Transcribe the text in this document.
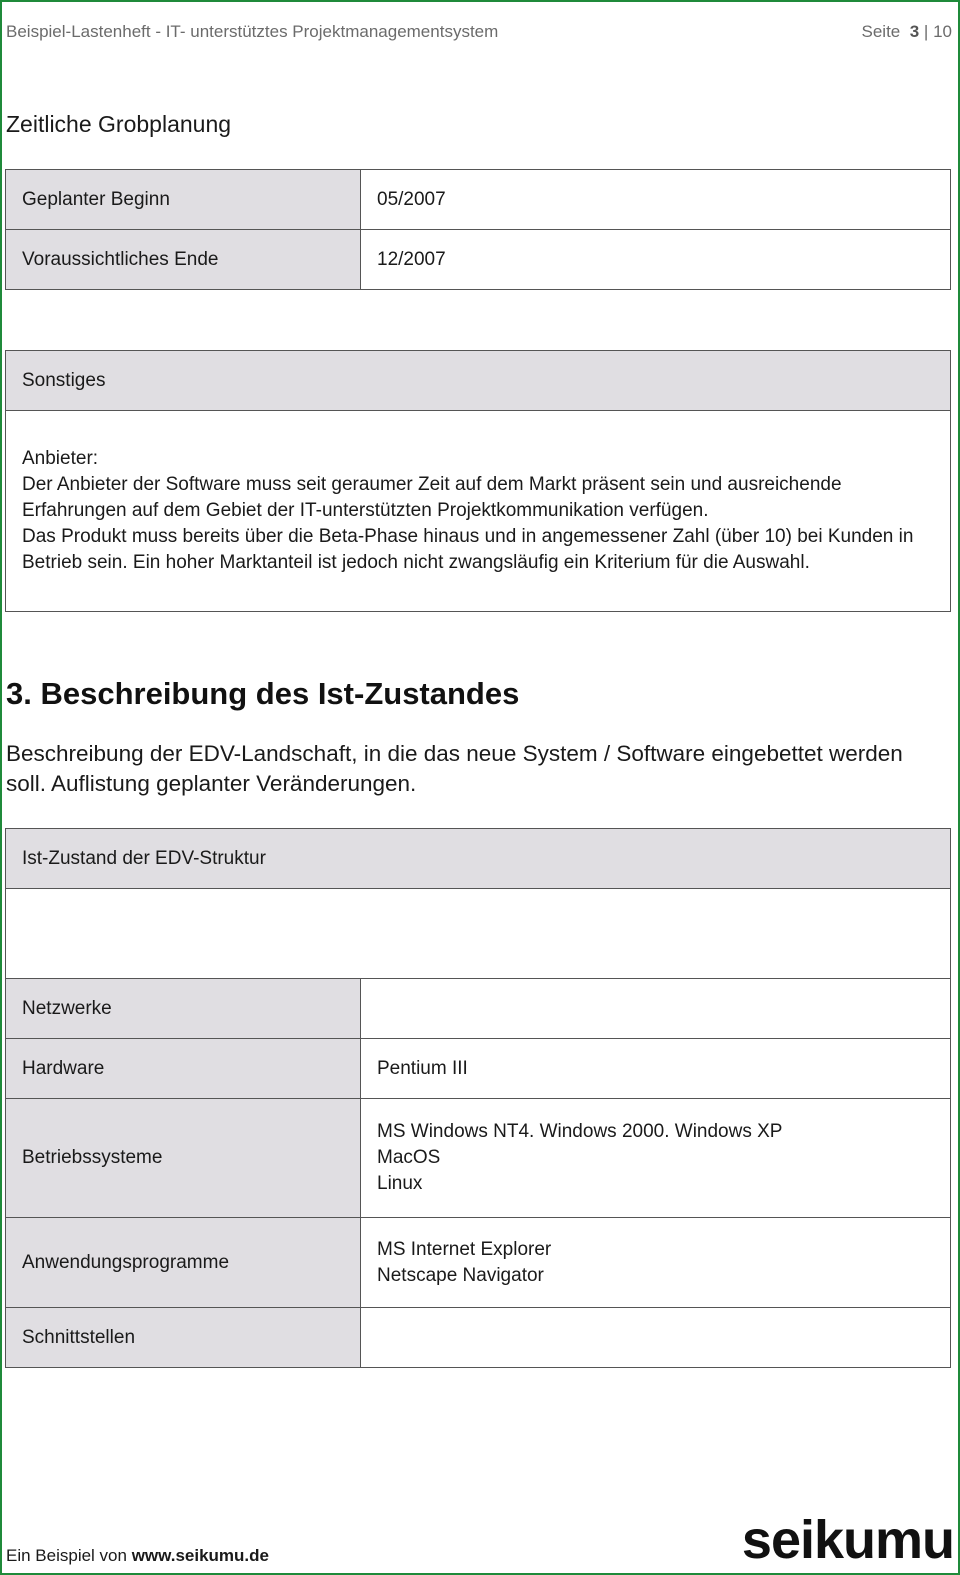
Beispiel-Lastenheft - IT- unterstütztes Projektmanagementsystem	Seite 3 | 10
Zeitliche Grobplanung
Geplanter Beginn	05/2007
Voraussichtliches Ende	12/2007
Sonstiges

Anbieter:
Der Anbieter der Software muss seit geraumer Zeit auf dem Markt präsent sein und ausreichende Erfahrungen auf dem Gebiet der IT-unterstützten Projektkommunikation verfügen.
Das Produkt muss bereits über die Beta-Phase hinaus und in angemessener Zahl (über 10) bei Kunden in Betrieb sein. Ein hoher Marktanteil ist jedoch nicht zwangsläufig ein Kriterium für die Auswahl.
3. Beschreibung des Ist-Zustandes
Beschreibung der EDV-Landschaft, in die das neue System / Software eingebettet werden soll. Auflistung geplanter Veränderungen.
Ist-Zustand der EDV-Struktur	

Netzwerke	
Hardware	Pentium III

Betriebssysteme	MS Windows NT4. Windows 2000. Windows XP
MacOS
Linux

Anwendungsprogramme	MS Internet Explorer
Netscape Navigator

Schnittstellen	
Ein Beispiel von www.seikumu.de	seikumu
